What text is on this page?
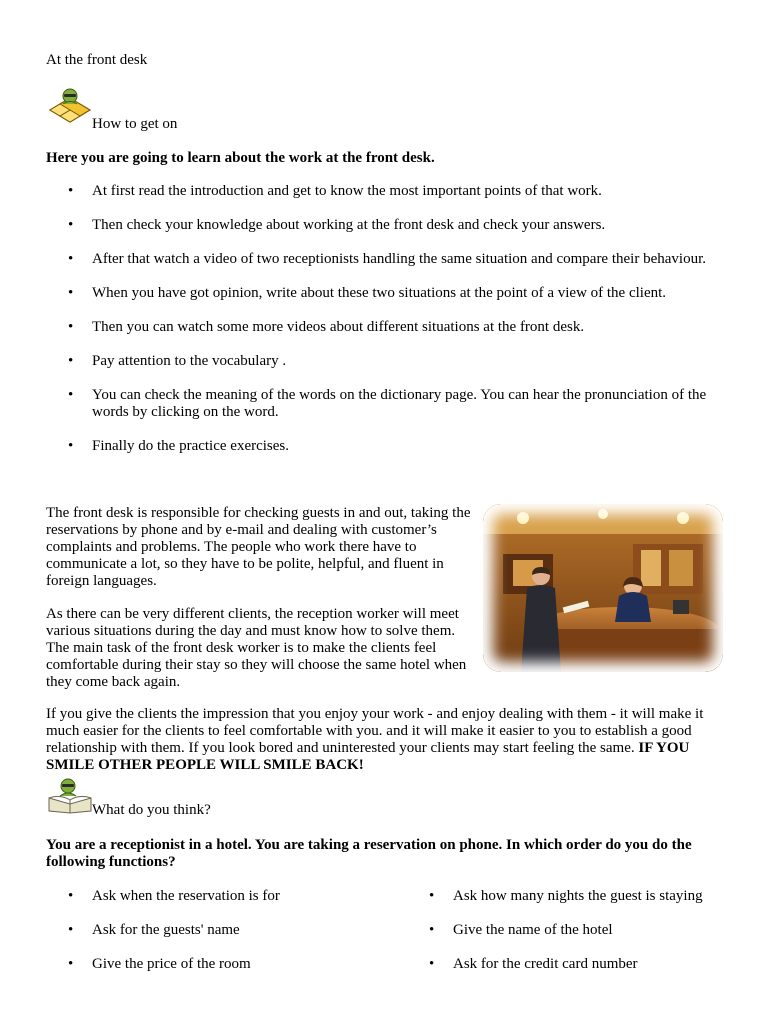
At the front desk

How to get on

Here you are going to learn about the work at the front desk.

• At first read the introduction and get to know the most important points of that work.
• Then check your knowledge about working at the front desk and check your answers.
• After that watch a video of two receptionists handling the same situation and compare their behaviour.
• When you have got opinion, write about these two situations at the point of a view of the client.
• Then you can watch some more videos about different situations at the front desk.
• Pay attention to the vocabulary .
• You can check the meaning of the words on the dictionary page. You can hear the pronunciation of the words by clicking on the word.
• Finally do the practice exercises.

The front desk is responsible for checking guests in and out, taking the reservations by phone and by e-mail and dealing with customer’s complaints and problems. The people who work there have to communicate a lot, so they have to be polite, helpful, and fluent in foreign languages.

As there can be very different clients, the reception worker will meet various situations during the day and must know how to solve them. The main task of the front desk worker is to make the clients feel comfortable during their stay so they will choose the same hotel when they come back again.

If you give the clients the impression that you enjoy your work - and enjoy dealing with them - it will make it much easier for the clients to feel comfortable with you. and it will make it easier to you to establish a good relationship with them. If you look bored and uninterested your clients may start feeling the same. IF YOU SMILE OTHER PEOPLE WILL SMILE BACK!

What do you think?

You are a receptionist in a hotel. You are taking a reservation on phone. In which order do you do the following functions?

• Ask when the reservation is for
• Ask for the guests' name
• Give the price of the room
• Ask how many nights the guest is staying
• Give the name of the hotel
• Ask for the credit card number
